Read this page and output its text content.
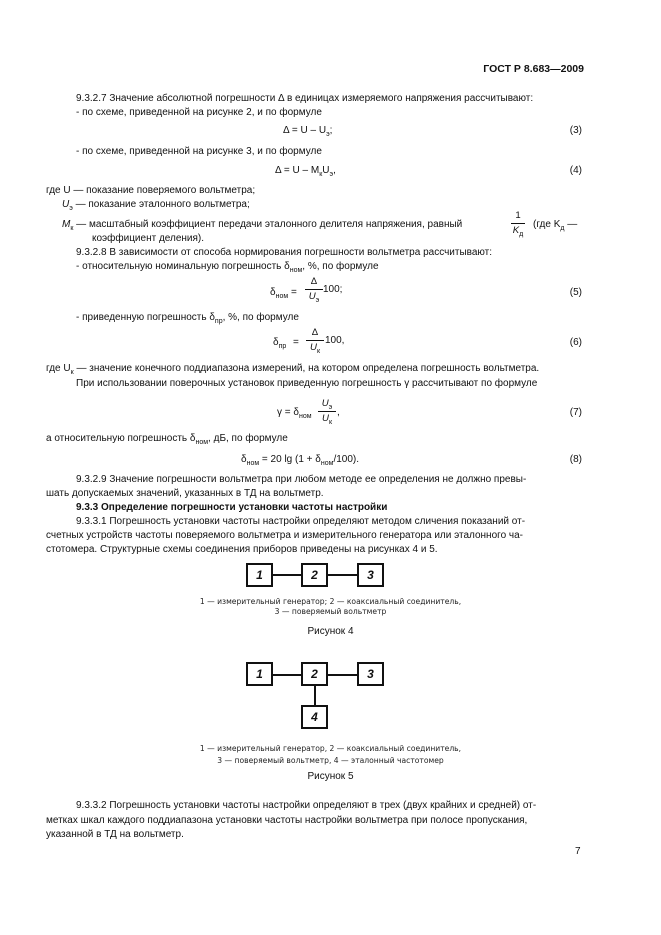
ГОСТ Р 8.683—2009
9.3.2.7 Значение абсолютной погрешности Δ в единицах измеряемого напряжения рассчитывают:
- по схеме, приведенной на рисунке 2, и по формуле
$\Delta = U - U_э$;	(3)
- по схеме, приведенной на рисунке 3, и по формуле
$\Delta = U - M_кU_э$,	(4)
где U — показание поверяемого вольтметра;
$U_э$ — показание эталонного вольтметра;
$M_к$ — масштабный коэффициент передачи эталонного делителя напряжения, равный
1
$K_д$
(где $K_д$ —
коэффициент деления).
9.3.2.8 В зависимости от способа нормирования погрешности вольтметра рассчитывают:
- относительную номинальную погрешность $\delta_{ном}$, %, по формуле
$\delta_{ном}$ =
Δ
$U_э$
100;	(5)
- приведенную погрешность $\delta_{пр}$, %, по формуле
$\delta_{пр}$ =
Δ
$U_к$
100,	(6)
где $U_к$ — значение конечного поддиапазона измерений, на котором определена погрешность вольтметра.
При использовании поверочных установок приведенную погрешность γ рассчитывают по формуле
$\gamma = \delta_{ном}$
$U_э$
$U_к$
,	(7)
а относительную погрешность $\delta_{ном}$, дБ, по формуле
$\delta_{ном} = 20$ $\lg (1 + \delta_{ном}/100)$.	(8)
9.3.2.9 Значение погрешности вольтметра при любом методе ее определения не должно превы-
шать допускаемых значений, указанных в ТД на вольтметр.
9.3.3 Определение погрешности установки частоты настройки
9.3.3.1 Погрешность установки частоты настройки определяют методом сличения показаний от-
счетных устройств частоты поверяемого вольтметра и измерительного генератора или эталонного ча-
стотомера. Структурные схемы соединения приборов приведены на рисунках 4 и 5.
1	2	3
1 — измерительный генератор; 2 — коаксиальный соединитель,
3 — поверяемый вольтметр
Рисунок 4
1	2	3
4
1 — измерительный генератор, 2 — коаксиальный соединитель,
3 — поверяемый вольтметр, 4 — эталонный частотомер
Рисунок 5
9.3.3.2 Погрешность установки частоты настройки определяют в трех (двух крайних и средней) от-
метках шкал каждого поддиапазона установки частоты настройки вольтметра при полосе пропускания,
указанной в ТД на вольтметр.
7
